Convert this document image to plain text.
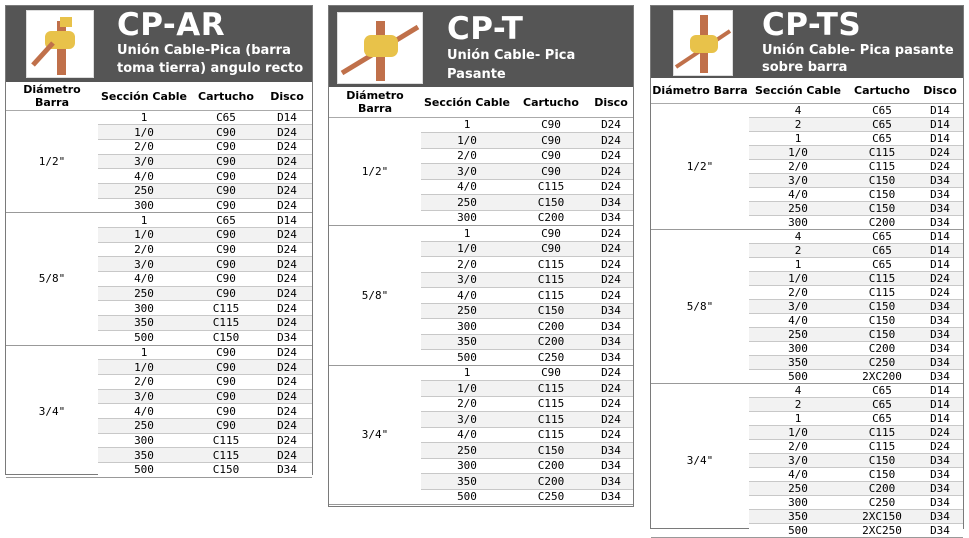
CP-AR
Unión Cable-Pica (barra
toma tierra) angulo recto
Diámetro Barra	Sección Cable	Cartucho	Disco
1/2"	1	C65	D14
	1/0	C90	D24
	2/0	C90	D24
	3/0	C90	D24
	4/0	C90	D24
	250	C90	D24
	300	C90	D24
5/8"	1	C65	D14
	1/0	C90	D24
	2/0	C90	D24
	3/0	C90	D24
	4/0	C90	D24
	250	C90	D24
	300	C115	D24
	350	C115	D24
	500	C150	D34
3/4"	1	C90	D24
	1/0	C90	D24
	2/0	C90	D24
	3/0	C90	D24
	4/0	C90	D24
	250	C90	D24
	300	C115	D24
	350	C115	D24
	500	C150	D34
CP-T
Unión Cable- Pica
Pasante
Diámetro Barra	Sección Cable	Cartucho	Disco
1/2"	1	C90	D24
	1/0	C90	D24
	2/0	C90	D24
	3/0	C90	D24
	4/0	C115	D24
	250	C150	D34
	300	C200	D34
5/8"	1	C90	D24
	1/0	C90	D24
	2/0	C115	D24
	3/0	C115	D24
	4/0	C115	D24
	250	C150	D34
	300	C200	D34
	350	C200	D34
	500	C250	D34
3/4"	1	C90	D24
	1/0	C115	D24
	2/0	C115	D24
	3/0	C115	D24
	4/0	C115	D24
	250	C150	D34
	300	C200	D34
	350	C200	D34
	500	C250	D34
CP-TS
Unión Cable- Pica pasante
sobre barra
Diámetro Barra	Sección Cable	Cartucho	Disco
1/2"	4	C65	D14
	2	C65	D14
	1	C65	D14
	1/0	C115	D24
	2/0	C115	D24
	3/0	C150	D34
	4/0	C150	D34
	250	C150	D34
	300	C200	D34
5/8"	4	C65	D14
	2	C65	D14
	1	C65	D14
	1/0	C115	D24
	2/0	C115	D24
	3/0	C150	D34
	4/0	C150	D34
	250	C150	D34
	300	C200	D34
	350	C250	D34
	500	2XC200	D34
3/4"	4	C65	D14
	2	C65	D14
	1	C65	D14
	1/0	C115	D24
	2/0	C115	D24
	3/0	C150	D34
	4/0	C150	D34
	250	C200	D34
	300	C250	D34
	350	2XC150	D34
	500	2XC250	D34
